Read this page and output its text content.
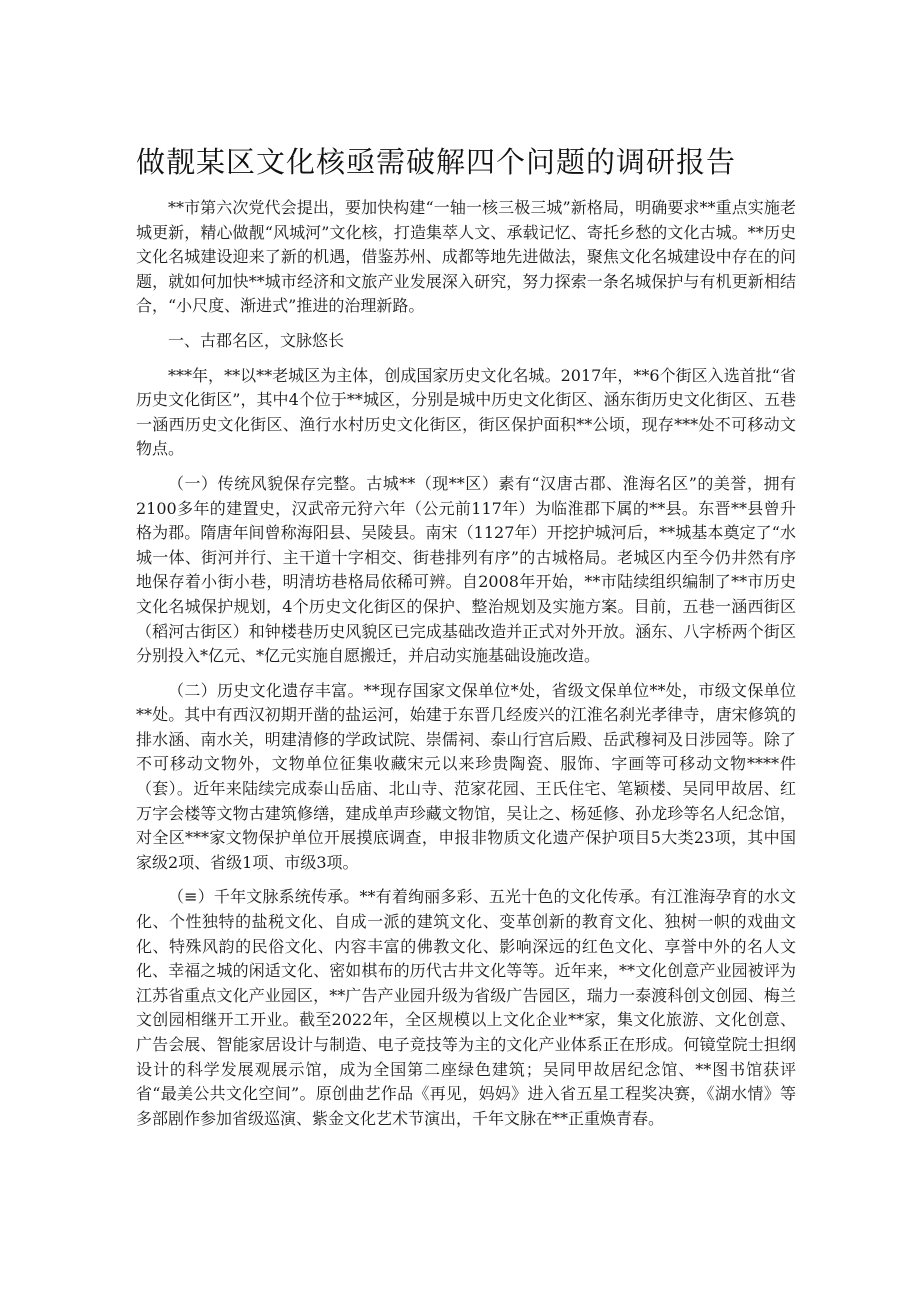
做靓某区文化核亟需破解四个问题的调研报告

**市第六次党代会提出，要加快构建“一轴一核三极三城”新格局，明确要求**重点实施老城更新，精心做靓“风城河”文化核，打造集萃人文、承载记忆、寄托乡愁的文化古城。**历史文化名城建设迎来了新的机遇，借鉴苏州、成都等地先进做法，聚焦文化名城建设中存在的问题，就如何加快**城市经济和文旅产业发展深入研究，努力探索一条名城保护与有机更新相结合，“小尺度、渐进式”推进的治理新路。

一、古郡名区，文脉悠长

***年，**以**老城区为主体，创成国家历史文化名城。2017年，**6个街区入选首批“省历史文化街区”，其中4个位于**城区，分别是城中历史文化街区、涵东街历史文化街区、五巷一涵西历史文化街区、渔行水村历史文化街区，街区保护面积**公顷，现存***处不可移动文物点。

（一）传统风貌保存完整。古城**（现**区）素有“汉唐古郡、淮海名区”的美誉，拥有2100多年的建置史，汉武帝元狩六年（公元前117年）为临淮郡下属的**县。东晋**县曾升格为郡。隋唐年间曾称海阳县、吴陵县。南宋（1127年）开挖护城河后，**城基本奠定了“水城一体、街河并行、主干道十字相交、街巷排列有序”的古城格局。老城区内至今仍井然有序地保存着小街小巷，明清坊巷格局依稀可辨。自2008年开始，**市陆续组织编制了**市历史文化名城保护规划，4个历史文化街区的保护、整治规划及实施方案。目前，五巷一涵西街区（稻河古街区）和钟楼巷历史风貌区已完成基础改造并正式对外开放。涵东、八字桥两个街区分别投入*亿元、*亿元实施自愿搬迁，并启动实施基础设施改造。

（二）历史文化遗存丰富。**现存国家文保单位*处，省级文保单位**处，市级文保单位**处。其中有西汉初期开凿的盐运河，始建于东晋几经废兴的江淮名刹光孝律寺，唐宋修筑的排水涵、南水关，明建清修的学政试院、崇儒祠、泰山行宫后殿、岳武穆祠及日涉园等。除了不可移动文物外，文物单位征集收藏宋元以来珍贵陶瓷、服饰、字画等可移动文物****件（套）。近年来陆续完成泰山岳庙、北山寺、范家花园、王氏住宅、笔颖楼、吴同甲故居、红万字会楼等文物古建筑修缮，建成单声珍藏文物馆，吴让之、杨延修、孙龙珍等名人纪念馆，对全区***家文物保护单位开展摸底调查，申报非物质文化遗产保护项目5大类23项，其中国家级2项、省级1项、市级3项。

（≡）千年文脉系统传承。**有着绚丽多彩、五光十色的文化传承。有江淮海孕育的水文化、个性独特的盐税文化、自成一派的建筑文化、变革创新的教育文化、独树一帜的戏曲文化、特殊风韵的民俗文化、内容丰富的佛教文化、影响深远的红色文化、享誉中外的名人文化、幸福之城的闲适文化、密如棋布的历代古井文化等等。近年来，**文化创意产业园被评为江苏省重点文化产业园区，**广告产业园升级为省级广告园区，瑞力一泰渡科创文创园、梅兰文创园相继开工开业。截至2022年，全区规模以上文化企业**家，集文化旅游、文化创意、广告会展、智能家居设计与制造、电子竞技等为主的文化产业体系正在形成。何镜堂院士担纲设计的科学发展观展示馆，成为全国第二座绿色建筑；吴同甲故居纪念馆、**图书馆获评省“最美公共文化空间”。原创曲艺作品《再见，妈妈》进入省五星工程奖决赛，《湖水情》等多部剧作参加省级巡演、紫金文化艺术节演出，千年文脉在**正重焕青春。
